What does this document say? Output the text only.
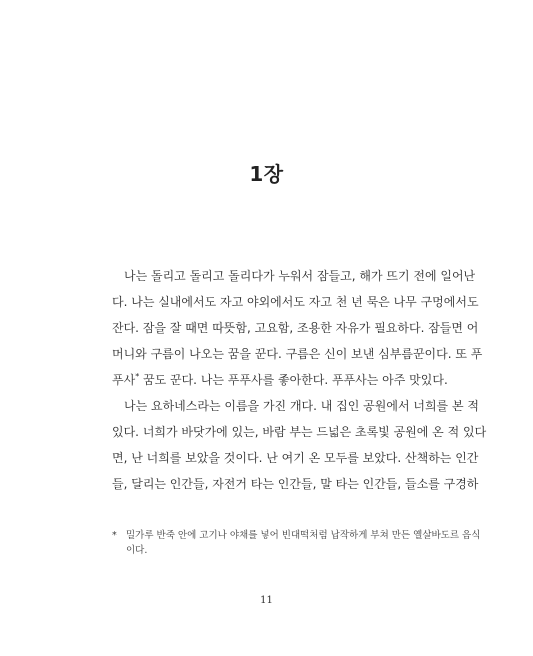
1장
나는 돌리고 돌리고 돌리다가 누워서 잠들고, 해가 뜨기 전에 일어난
다. 나는 실내에서도 자고 야외에서도 자고 천 년 묵은 나무 구멍에서도
잔다. 잠을 잘 때면 따뜻함, 고요함, 조용한 자유가 필요하다. 잠들면 어
머니와 구름이 나오는 꿈을 꾼다. 구름은 신이 보낸 심부름꾼이다. 또 푸
푸사* 꿈도 꾼다. 나는 푸푸사를 좋아한다. 푸푸사는 아주 맛있다.
나는 요하네스라는 이름을 가진 개다. 내 집인 공원에서 너희를 본 적
있다. 너희가 바닷가에 있는, 바람 부는 드넓은 초록빛 공원에 온 적 있다
면, 난 너희를 보았을 것이다. 난 여기 온 모두를 보았다. 산책하는 인간
들, 달리는 인간들, 자전거 타는 인간들, 말 타는 인간들, 들소를 구경하
* 밀가루 반죽 안에 고기나 야채를 넣어 빈대떡처럼 납작하게 부쳐 만든 옐살바도르 음식
이다.
11
